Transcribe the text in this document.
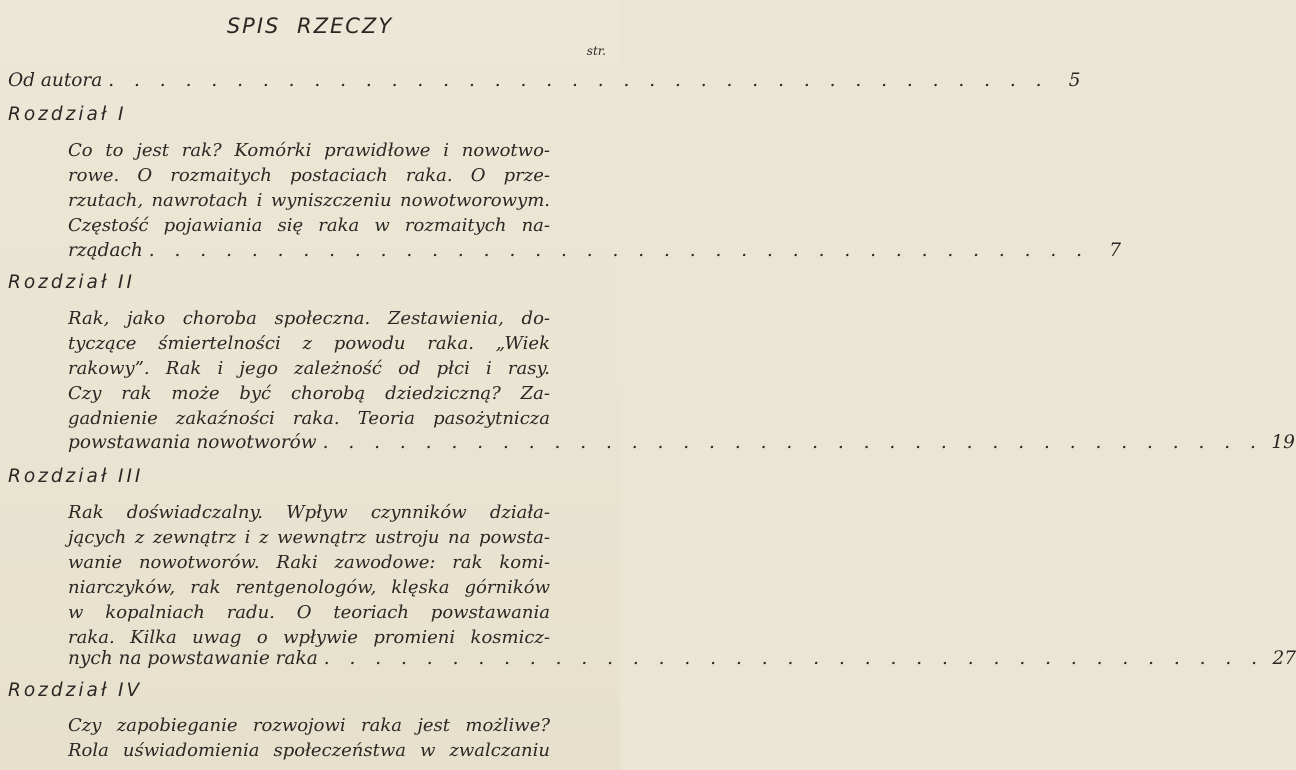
SPIS RZECZY
str.
Od autora . . . . . . . . . . . . . . . . . . . . . . . . . . . . . . . . . . . . .	5
Rozdział I
Co to jest rak? Komórki prawidłowe i nowotwo-
rowe. O rozmaitych postaciach raka. O prze-
rzutach, nawrotach i wyniszczeniu nowotworowym.
Częstość pojawiania się raka w rozmaitych na-
rządach . . . . . . . . . . . . . . . . . . . . . . . . . . . . . . . . . . . . .	7
Rozdział II
Rak, jako choroba społeczna. Zestawienia, do-
tyczące śmiertelności z powodu raka. „Wiek
rakowy”. Rak i jego zależność od płci i rasy.
Czy rak może być chorobą dziedziczną? Za-
gadnienie zakaźności raka. Teoria pasożytnicza
powstawania nowotworów . . . . . . . . . . . . . . . . . . . . . . . . . . . . . . . . . . . . . 19
Rozdział III
Rak doświadczalny. Wpływ czynników działa-
jących z zewnątrz i z wewnątrz ustroju na powsta-
wanie nowotworów. Raki zawodowe: rak komi-
niarczyków, rak rentgenologów, klęska górników
w kopalniach radu. O teoriach powstawania
raka. Kilka uwag o wpływie promieni kosmicz-
nych na powstawanie raka . . . . . . . . . . . . . . . . . . . . . . . . . . . . . . . . . . . . . 27
Rozdział IV
Czy zapobieganie rozwojowi raka jest możliwe?
Rola uświadomienia społeczeństwa w zwalczaniu
